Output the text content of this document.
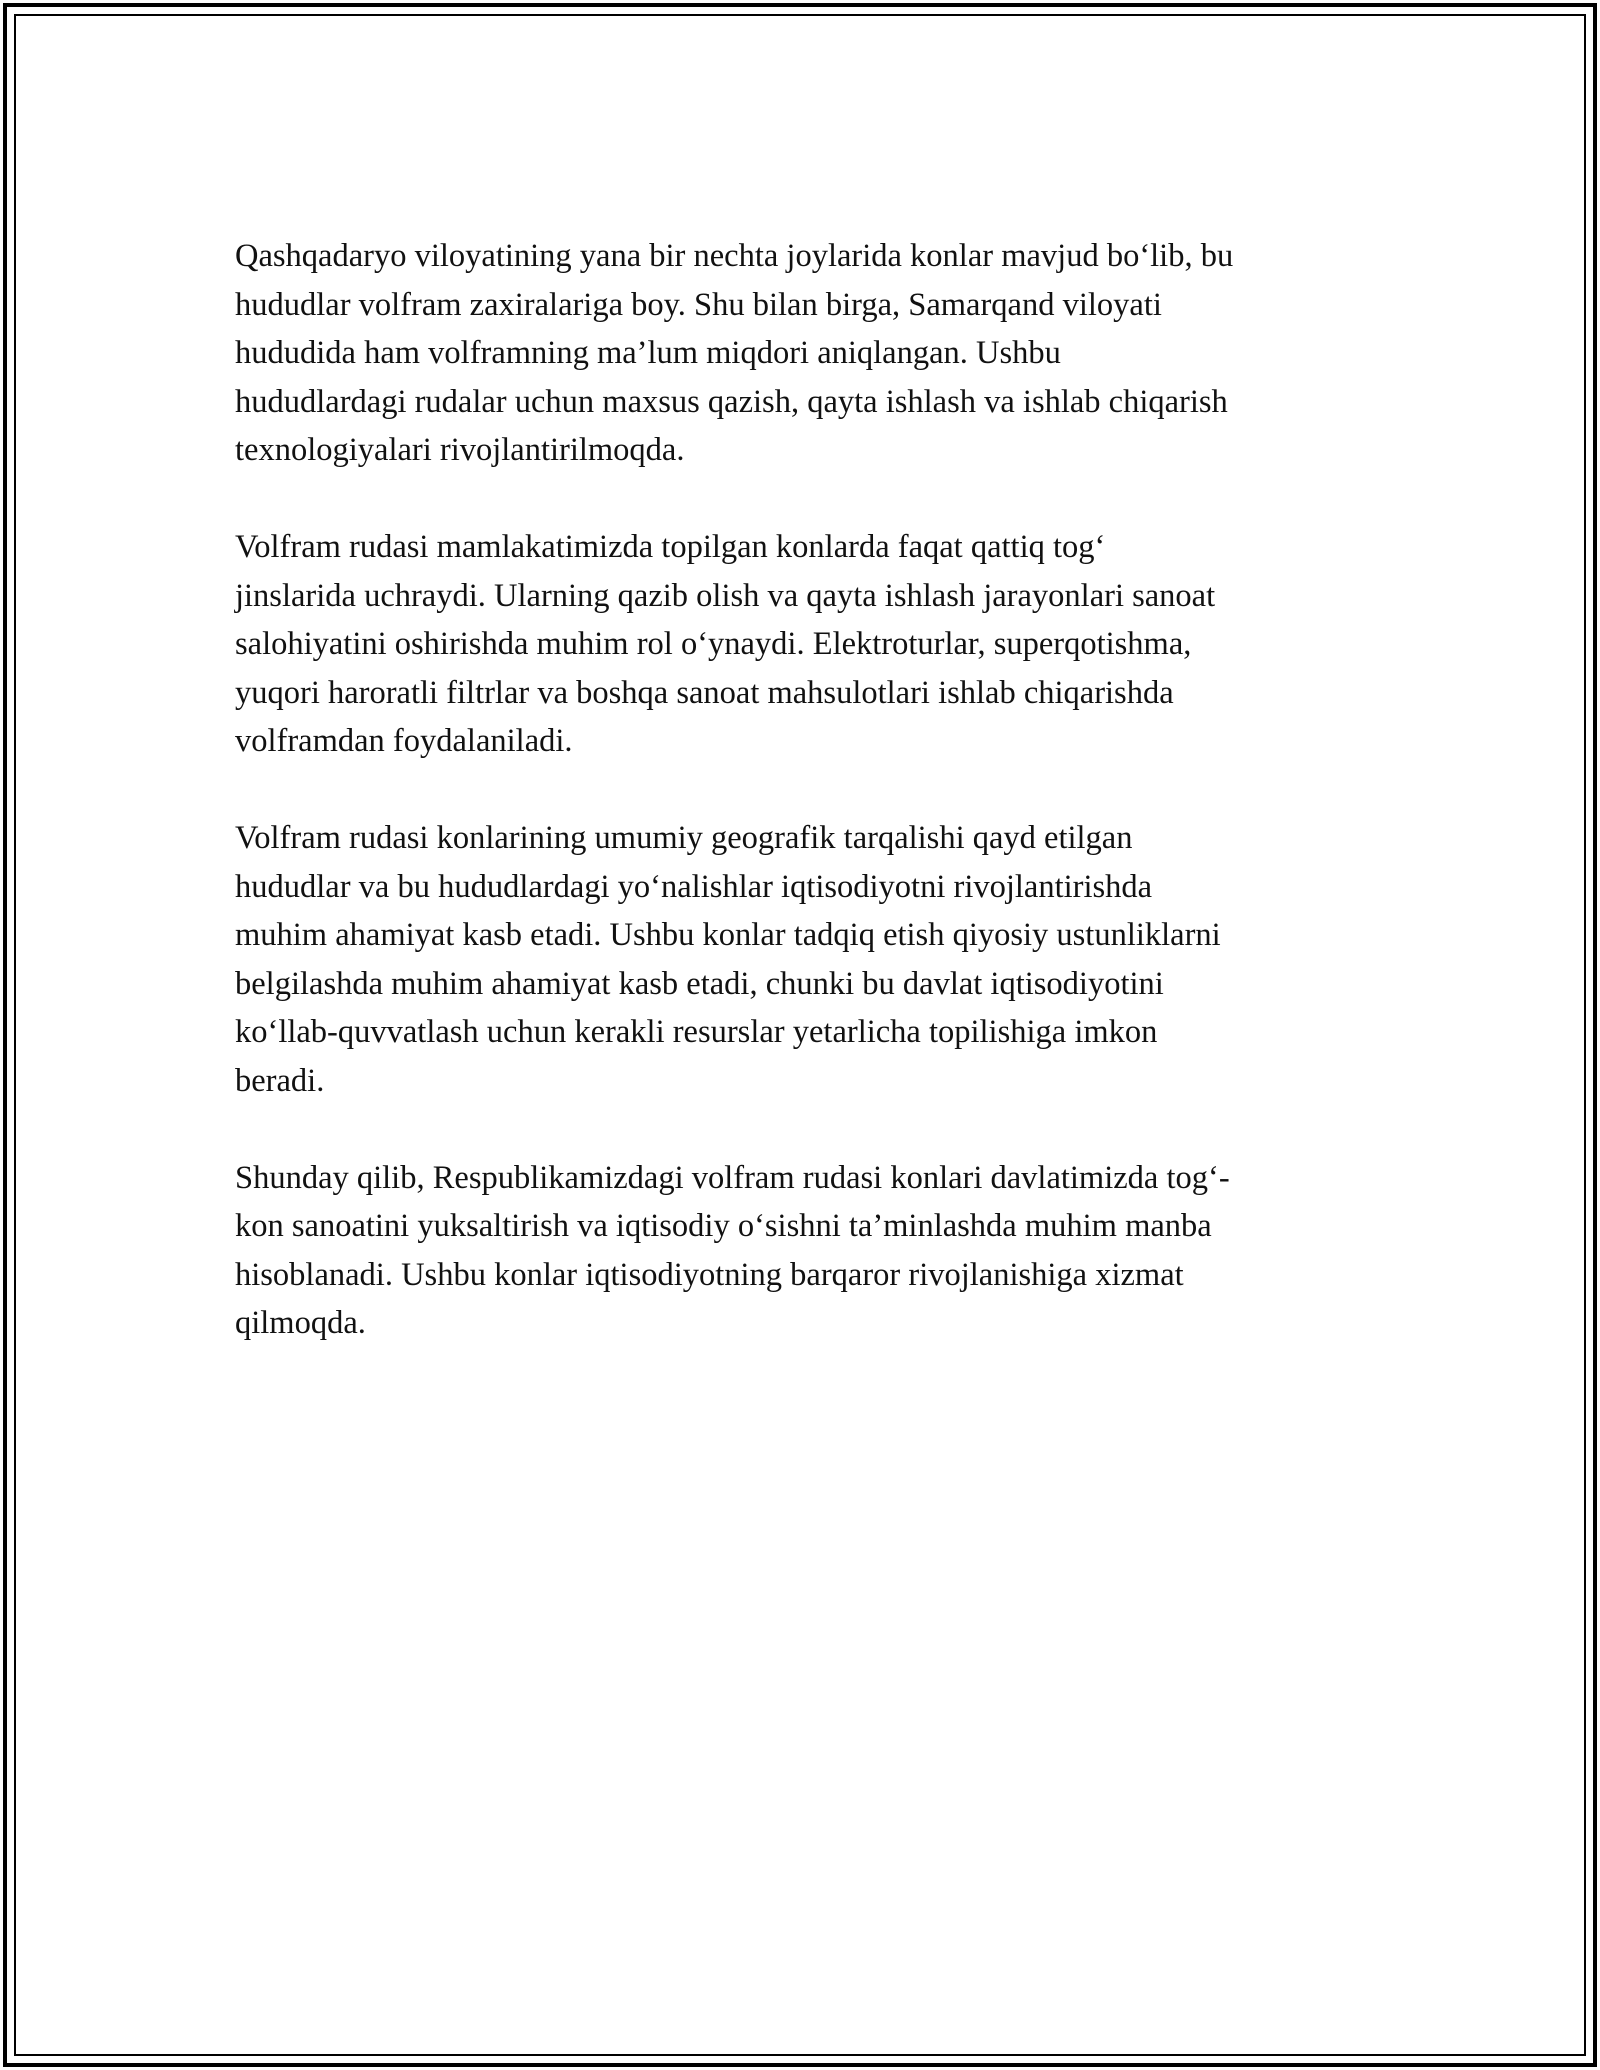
Qashqadaryo viloyatining yana bir nechta joylarida konlar mavjud bo‘lib, bu
hududlar volfram zaxiralariga boy. Shu bilan birga, Samarqand viloyati
hududida ham volframning ma’lum miqdori aniqlangan. Ushbu
hududlardagi rudalar uchun maxsus qazish, qayta ishlash va ishlab chiqarish
texnologiyalari rivojlantirilmoqda.

Volfram rudasi mamlakatimizda topilgan konlarda faqat qattiq tog‘
jinslarida uchraydi. Ularning qazib olish va qayta ishlash jarayonlari sanoat
salohiyatini oshirishda muhim rol o‘ynaydi. Elektroturlar, superqotishma,
yuqori haroratli filtrlar va boshqa sanoat mahsulotlari ishlab chiqarishda
volframdan foydalaniladi.

Volfram rudasi konlarining umumiy geografik tarqalishi qayd etilgan
hududlar va bu hududlardagi yo‘nalishlar iqtisodiyotni rivojlantirishda
muhim ahamiyat kasb etadi. Ushbu konlar tadqiq etish qiyosiy ustunliklarni
belgilashda muhim ahamiyat kasb etadi, chunki bu davlat iqtisodiyotini
ko‘llab-quvvatlash uchun kerakli resurslar yetarlicha topilishiga imkon
beradi.

Shunday qilib, Respublikamizdagi volfram rudasi konlari davlatimizda tog‘-
kon sanoatini yuksaltirish va iqtisodiy o‘sishni ta’minlashda muhim manba
hisoblanadi. Ushbu konlar iqtisodiyotning barqaror rivojlanishiga xizmat
qilmoqda.
